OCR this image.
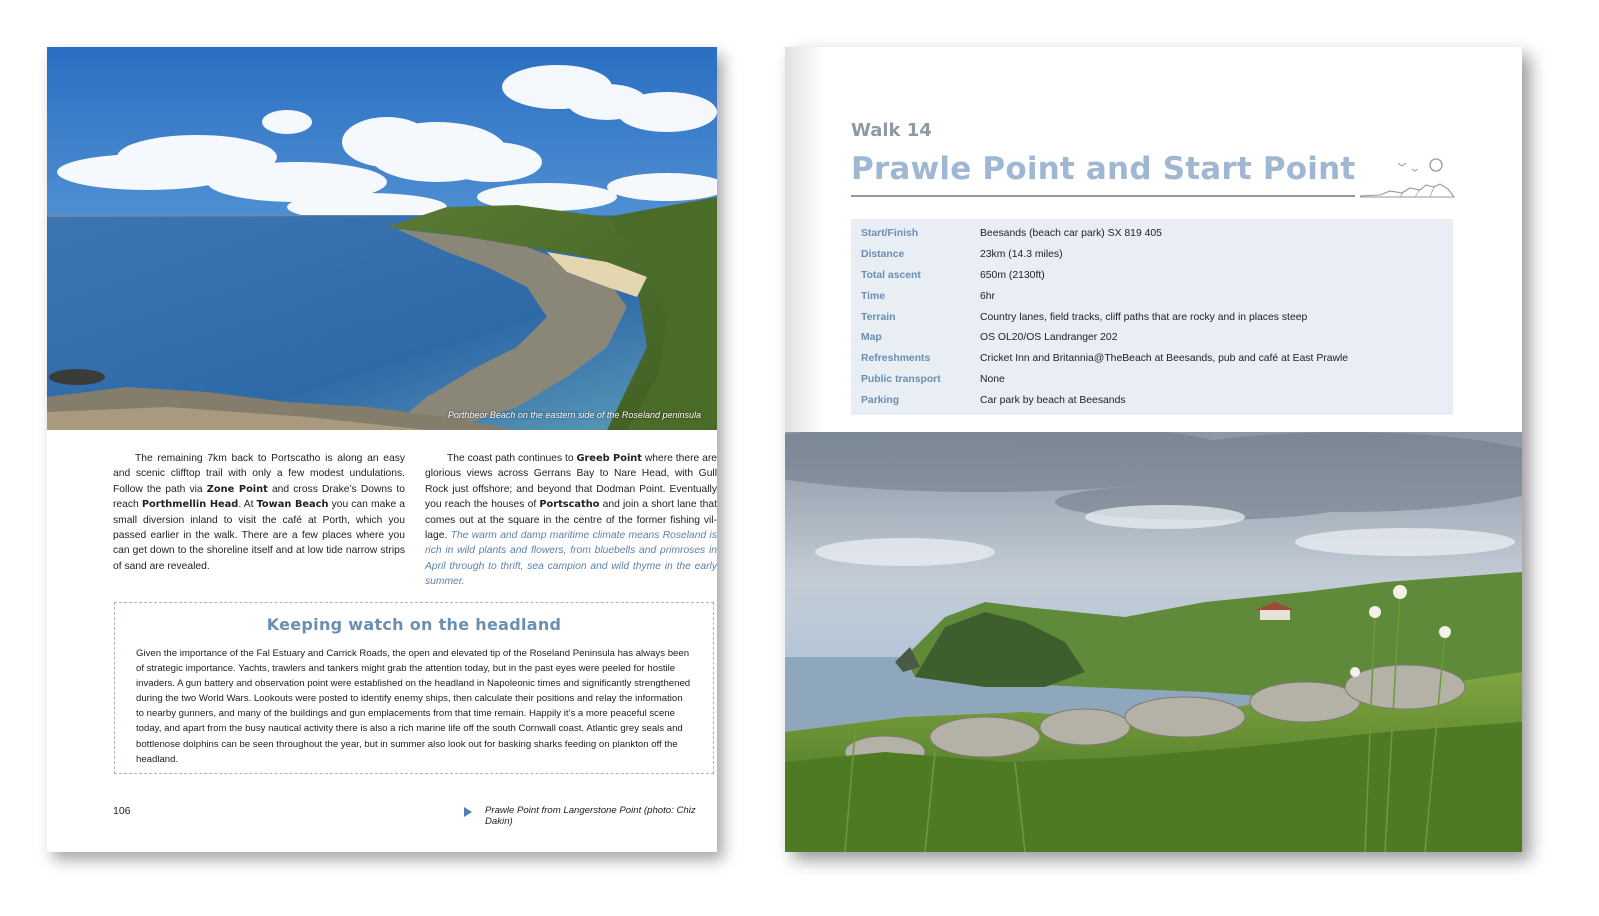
Porthbeor Beach on the eastern side of the Roseland peninsula
The remaining 7km back to Portscatho is along an easy and scenic clifftop trail with only a few modest undulations. Follow the path via Zone Point and cross Drake’s Downs to reach Porthmellin Head. At Towan Beach you can make a small diversion inland to visit the café at Porth, which you passed earlier in the walk. There are a few places where you can get down to the shoreline itself and at low tide narrow strips of sand are revealed.
The coast path continues to Greeb Point where there are glorious views across Gerrans Bay to Nare Head, with Gull Rock just offshore; and beyond that Dodman Point. Eventually you reach the houses of Portscatho and join a short lane that comes out at the square in the centre of the former fishing vil-lage. The warm and damp maritime climate means Roseland is rich in wild plants and flowers, from bluebells and primroses in April through to thrift, sea campion and wild thyme in the early summer.
Keeping watch on the headland
Given the importance of the Fal Estuary and Carrick Roads, the open and elevated tip of the Roseland Peninsula has always been of strategic importance. Yachts, trawlers and tankers might grab the attention today, but in the past eyes were peeled for hostile invaders. A gun battery and observation point were established on the headland in Napoleonic times and significantly strengthened during the two World Wars. Lookouts were posted to identify enemy ships, then calculate their positions and relay the information to nearby gunners, and many of the buildings and gun emplacements from that time remain. Happily it’s a more peaceful scene today, and apart from the busy nautical activity there is also a rich marine life off the south Cornwall coast. Atlantic grey seals and bottlenose dolphins can be seen throughout the year, but in summer also look out for basking sharks feeding on plankton off the headland.
106	Prawle Point from Langerstone Point (photo: Chiz Dakin)
Walk 14
Prawle Point and Start Point
Start/Finish	Beesands (beach car park) SX 819 405
Distance	23km (14.3 miles)
Total ascent	650m (2130ft)
Time	6hr
Terrain	Country lanes, field tracks, cliff paths that are rocky and in places steep
Map	OS OL20/OS Landranger 202
Refreshments	Cricket Inn and Britannia@TheBeach at Beesands, pub and café at East Prawle
Public transport	None
Parking	Car park by beach at Beesands
